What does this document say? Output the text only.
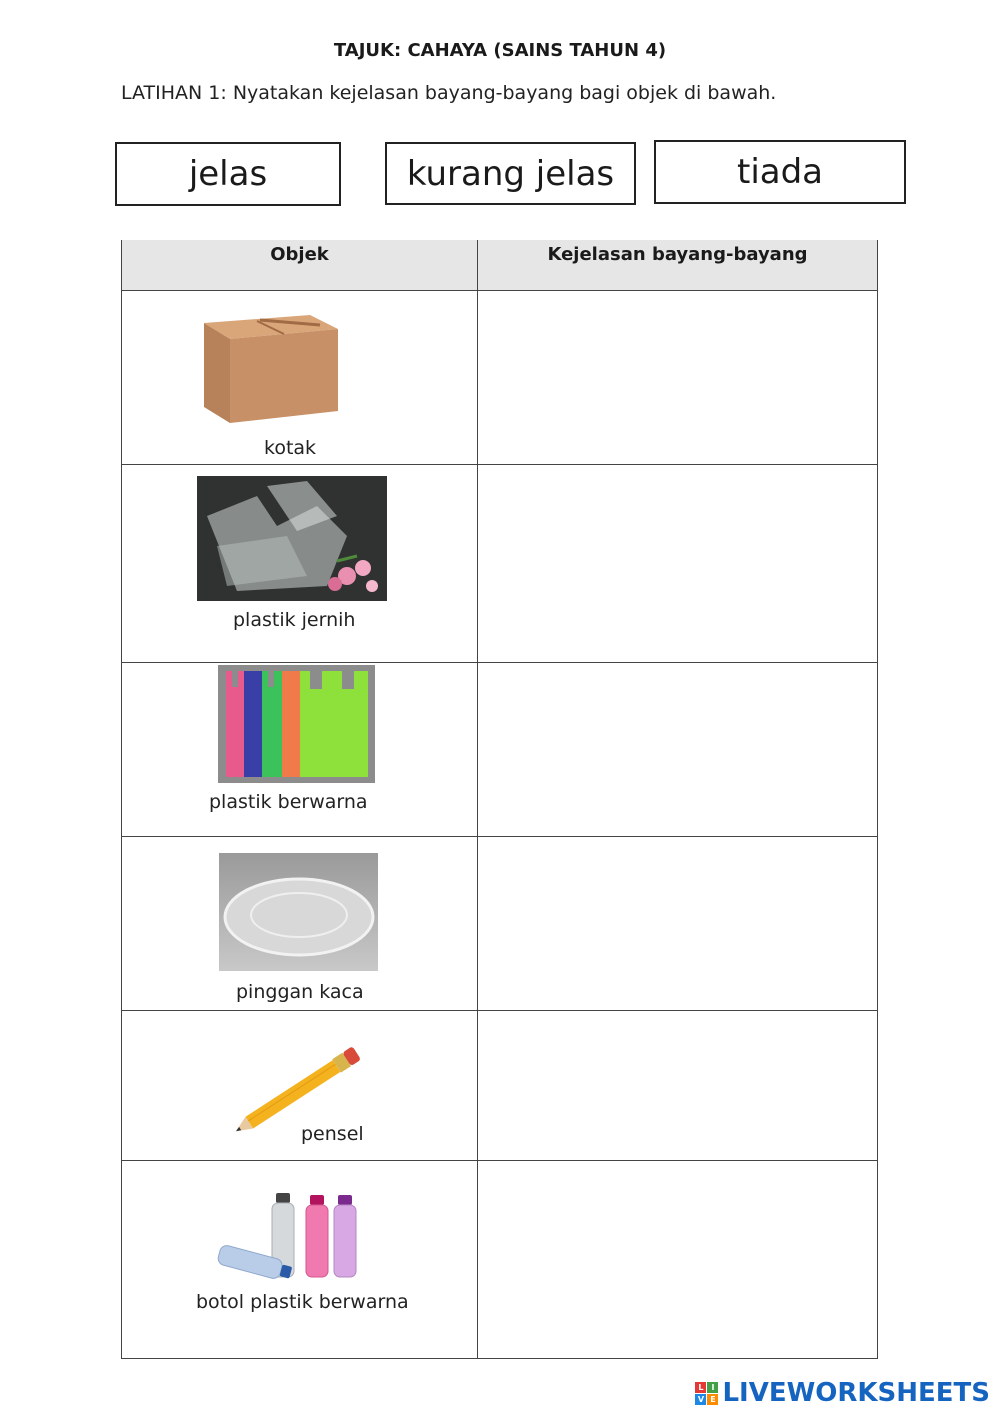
TAJUK: CAHAYA (SAINS TAHUN 4)
LATIHAN 1: Nyatakan kejelasan bayang-bayang bagi objek di bawah.
jelas	kurang jelas	tiada
Objek	Kejelasan bayang-bayang

kotak	

plastik jernih	

plastik berwarna	

pinggan kaca	

pensel	

botol plastik berwarna	

L I
V E LIVEWORKSHEETS
